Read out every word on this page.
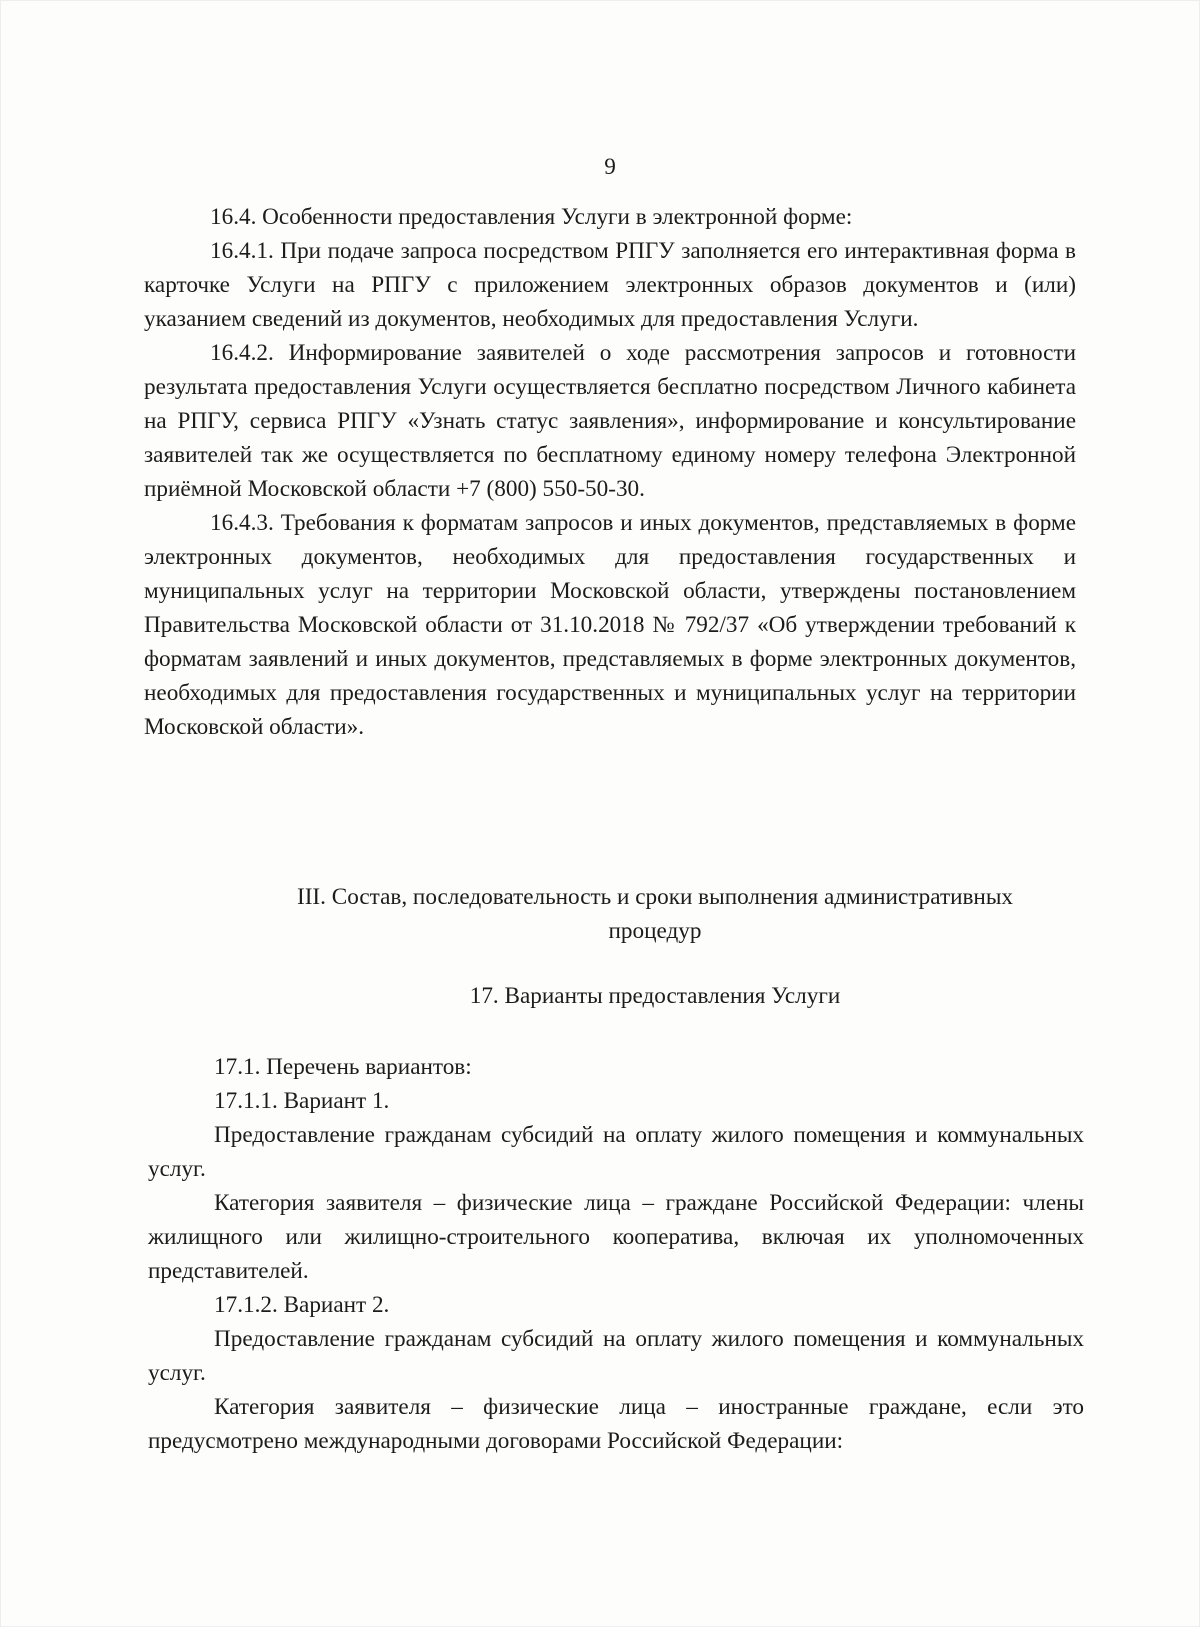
9

16.4. Особенности предоставления Услуги в электронной форме:

16.4.1. При подаче запроса посредством РПГУ заполняется его интерактивная форма в карточке Услуги на РПГУ с приложением электронных образов документов и (или) указанием сведений из документов, необходимых для предоставления Услуги.

16.4.2. Информирование заявителей о ходе рассмотрения запросов и готовности результата предоставления Услуги осуществляется бесплатно посредством Личного кабинета на РПГУ, сервиса РПГУ «Узнать статус заявления», информирование и консультирование заявителей так же осуществляется по бесплатному единому номеру телефона Электронной приёмной Московской области +7 (800) 550-50-30.

16.4.3. Требования к форматам запросов и иных документов, представляемых в форме электронных документов, необходимых для предоставления государственных и муниципальных услуг на территории Московской области, утверждены постановлением Правительства Московской области от 31.10.2018 № 792/37 «Об утверждении требований к форматам заявлений и иных документов, представляемых в форме электронных документов, необходимых для предоставления государственных и муниципальных услуг на территории Московской области».

III. Состав, последовательность и сроки выполнения административных

процедур

17. Варианты предоставления Услуги

17.1. Перечень вариантов:

17.1.1. Вариант 1.

Предоставление гражданам субсидий на оплату жилого помещения и коммунальных услуг.

Категория заявителя – физические лица – граждане Российской Федерации: члены жилищного или жилищно-строительного кооператива, включая их уполномоченных представителей.

17.1.2. Вариант 2.

Предоставление гражданам субсидий на оплату жилого помещения и коммунальных услуг.

Категория заявителя – физические лица – иностранные граждане, если это предусмотрено международными договорами Российской Федерации:
